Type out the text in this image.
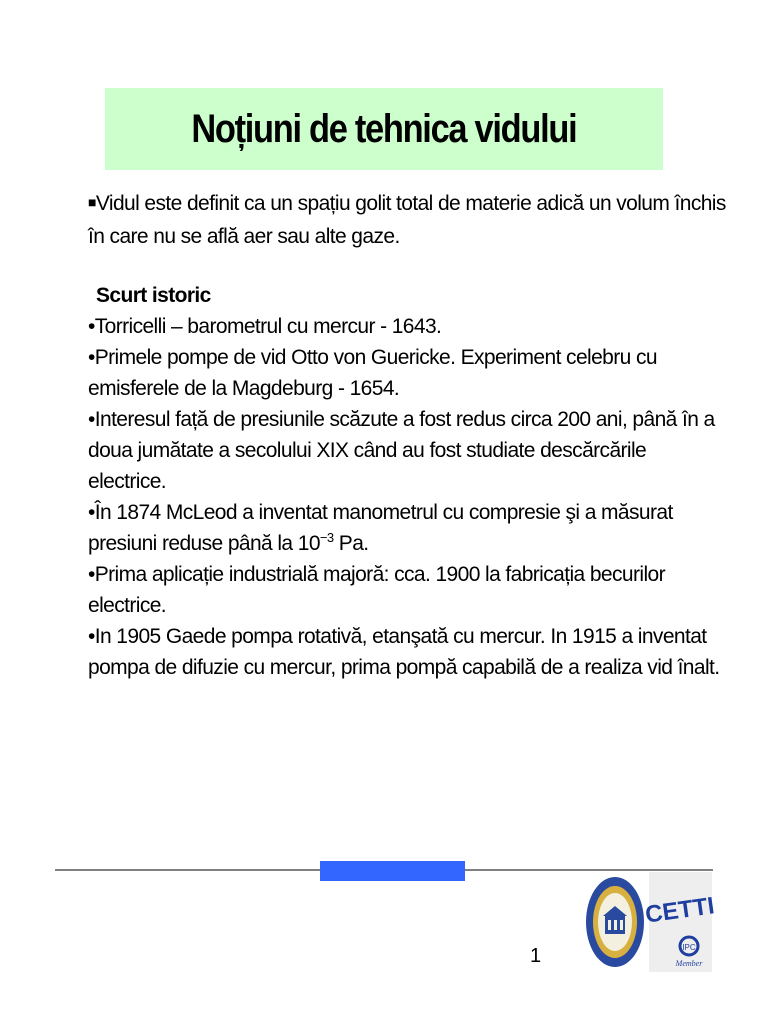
Noțiuni de tehnica vidului

■Vidul este definit ca un spațiu golit total de materie adică un volum închis în care nu se află aer sau alte gaze.

Scurt istoric

•Torricelli – barometrul cu mercur - 1643.

•Primele pompe de vid Otto von Guericke. Experiment celebru cu emisferele de la Magdeburg - 1654.

•Interesul față de presiunile scăzute a fost redus circa 200 ani, până în a doua jumătate a secolului XIX când au fost studiate descărcările electrice.

•În 1874 McLeod a inventat manometrul cu compresie şi a măsurat presiuni reduse până la $10^{-3}$ Pa.

•Prima aplicație industrială majoră: cca. 1900 la fabricația becurilor electrice.

•In 1905 Gaede pompa rotativă, etanşată cu mercur. In 1915 a inventat pompa de difuzie cu mercur, prima pompă capabilă de a realiza vid înalt.

1
CETTI
IPC
Member
